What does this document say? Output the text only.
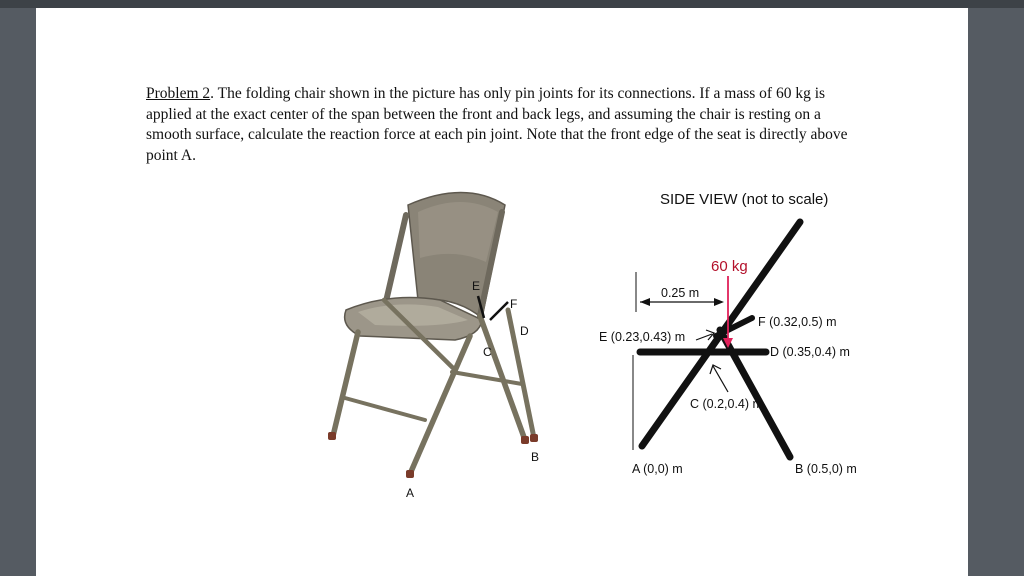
Problem 2. The folding chair shown in the picture has only pin joints for its connections. If a mass of 60 kg is applied at the exact center of the span between the front and back legs, and assuming the chair is resting on a smooth surface, calculate the reaction force at each pin joint. Note that the front edge of the seat is directly above point A.
SIDE VIEW (not to scale)
E
F
D
C
A
B
0.25 m
60 kg
E (0.23,0.43) m
F (0.32,0.5) m
D (0.35,0.4) m
C (0.2,0.4) m
A (0,0) m	B (0.5,0) m
